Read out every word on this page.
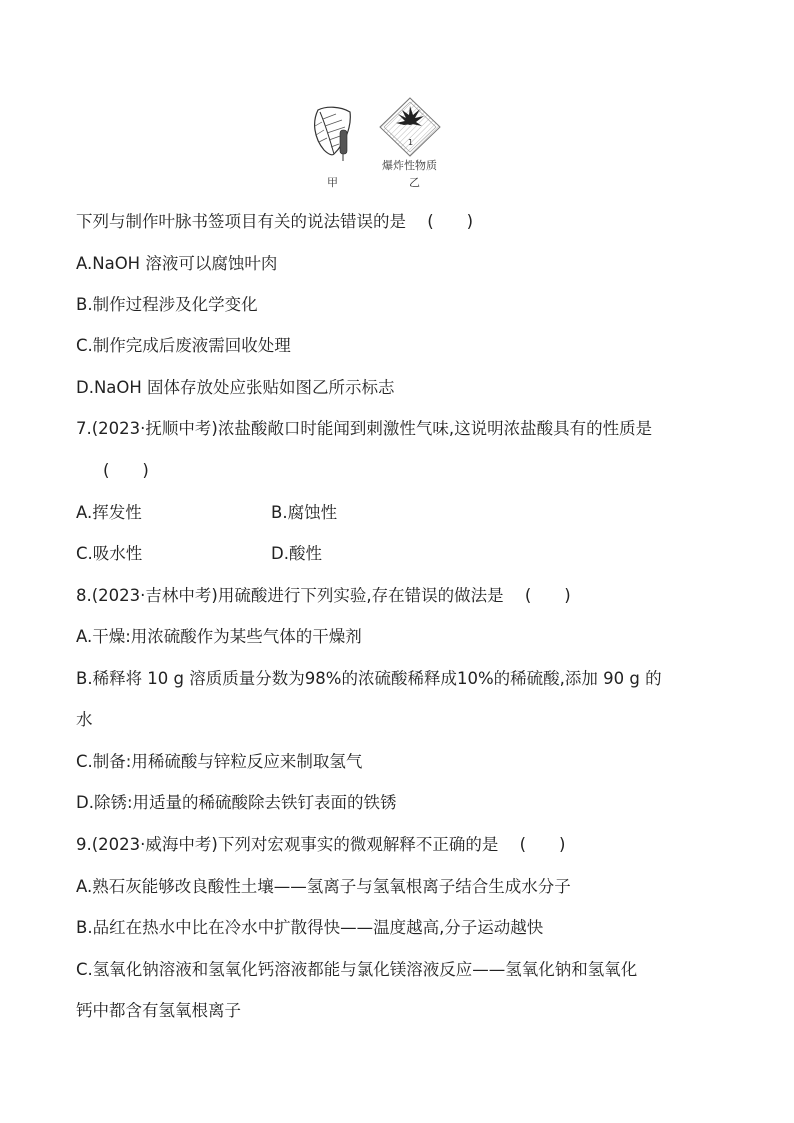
甲
1
爆炸性物质
乙
下列与制作叶脉书签项目有关的说法错误的是 (　　)
A.NaOH 溶液可以腐蚀叶肉
B.制作过程涉及化学变化
C.制作完成后废液需回收处理
D.NaOH 固体存放处应张贴如图乙所示标志
7.(2023·抚顺中考)浓盐酸敞口时能闻到刺激性气味,这说明浓盐酸具有的性质是
(　　)
A.挥发性	B.腐蚀性
C.吸水性	D.酸性
8.(2023·吉林中考)用硫酸进行下列实验,存在错误的做法是 (　　)
A.干燥:用浓硫酸作为某些气体的干燥剂
B.稀释将 10 g 溶质质量分数为98%的浓硫酸稀释成10%的稀硫酸,添加 90 g 的
水
C.制备:用稀硫酸与锌粒反应来制取氢气
D.除锈:用适量的稀硫酸除去铁钉表面的铁锈
9.(2023·威海中考)下列对宏观事实的微观解释不正确的是 (　　)
A.熟石灰能够改良酸性土壤——氢离子与氢氧根离子结合生成水分子
B.品红在热水中比在冷水中扩散得快——温度越高,分子运动越快
C.氢氧化钠溶液和氢氧化钙溶液都能与氯化镁溶液反应——氢氧化钠和氢氧化
钙中都含有氢氧根离子
